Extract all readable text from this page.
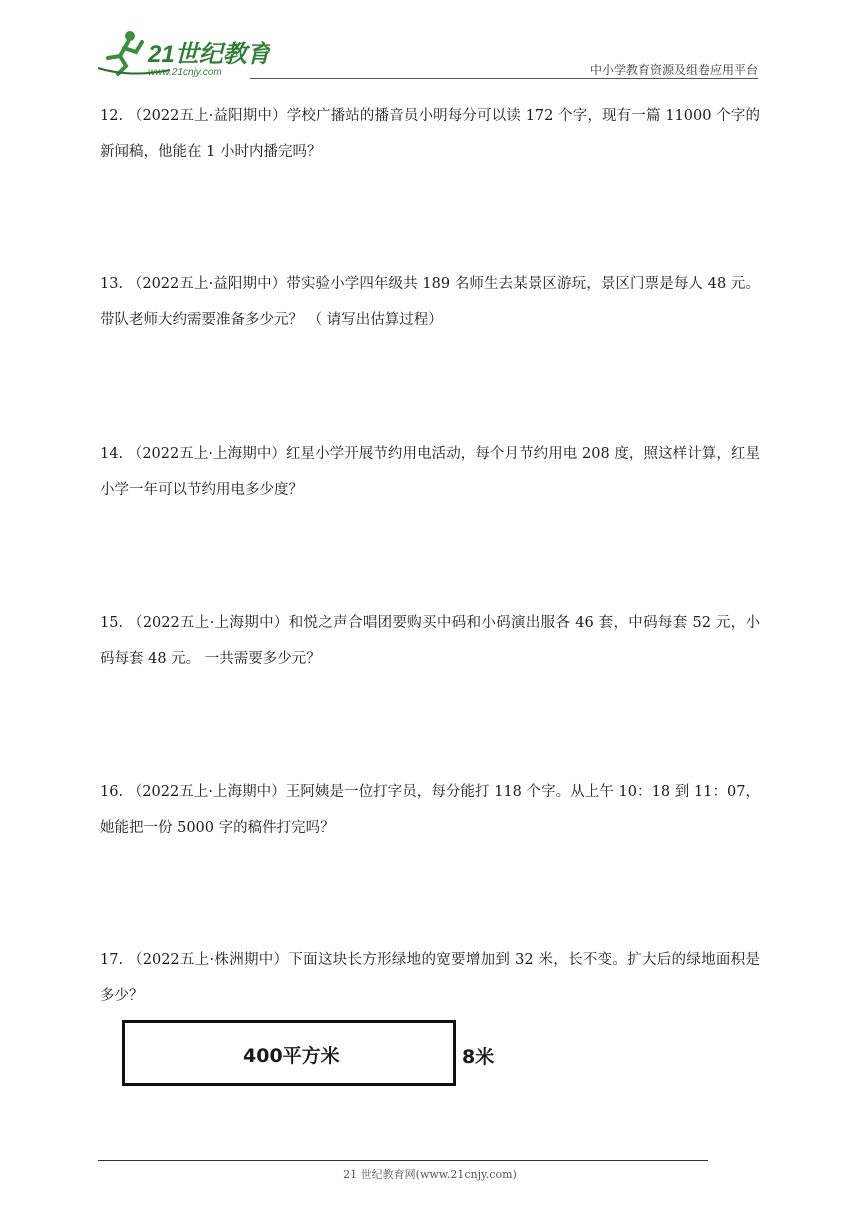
21世纪教育
www.21cnjy.com	中小学教育资源及组卷应用平台
12. （2022五上·益阳期中）学校广播站的播音员小明每分可以读 172 个字，现有一篇 11000 个字的新闻稿，他能在 1 小时内播完吗？
13. （2022五上·益阳期中）带实验小学四年级共 189 名师生去某景区游玩，景区门票是每人 48 元。带队老师大约需要准备多少元？ （ 请写出估算过程）
14. （2022五上·上海期中）红星小学开展节约用电活动，每个月节约用电 208 度，照这样计算，红星小学一年可以节约用电多少度？
15. （2022五上·上海期中）和悦之声合唱团要购买中码和小码演出服各 46 套，中码每套 52 元，小码每套 48 元。 一共需要多少元？
16. （2022五上·上海期中）王阿姨是一位打字员，每分能打 118 个字。从上午 10：18 到 11：07，她能把一份 5000 字的稿件打完吗？
17. （2022五上·株洲期中）下面这块长方形绿地的宽要增加到 32 米，长不变。扩大后的绿地面积是多少？
400平方米	8米
21 世纪教育网(www.21cnjy.com)
